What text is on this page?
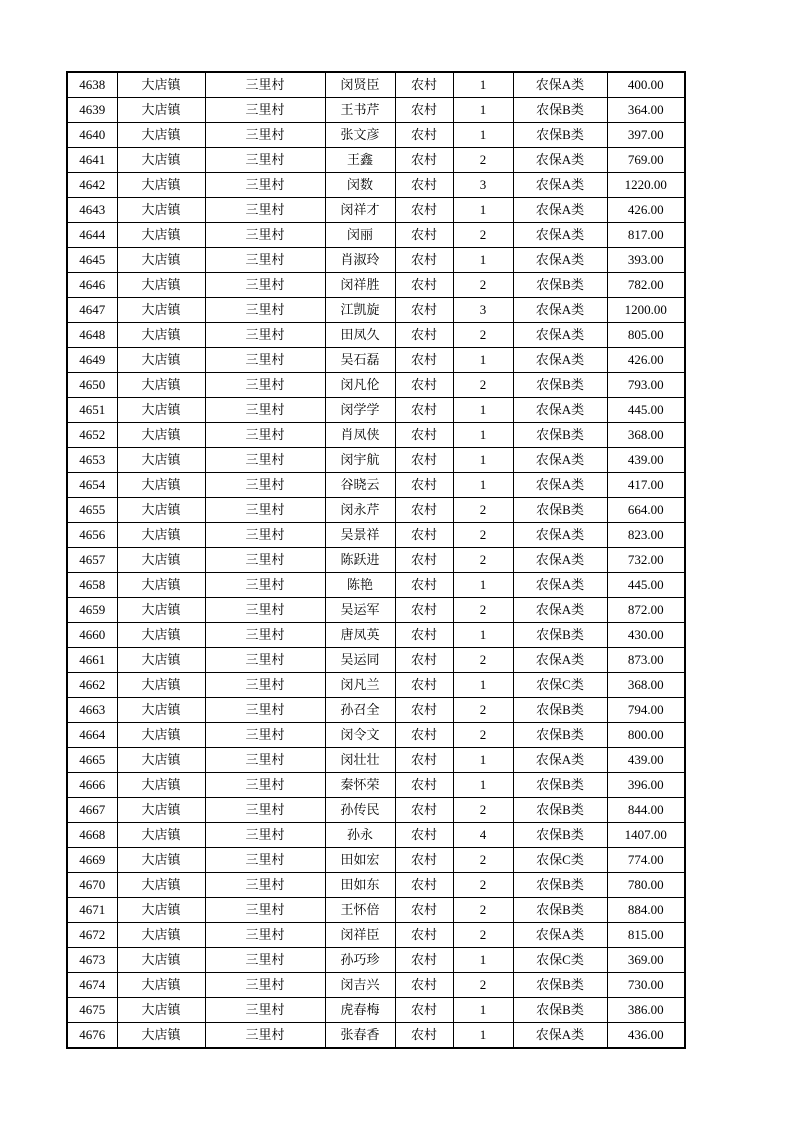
4638	大店镇	三里村	闵贤臣	农村	1	农保A类	400.00
4639	大店镇	三里村	王书芹	农村	1	农保B类	364.00
4640	大店镇	三里村	张文彦	农村	1	农保B类	397.00
4641	大店镇	三里村	王鑫	农村	2	农保A类	769.00
4642	大店镇	三里村	闵数	农村	3	农保A类	1220.00
4643	大店镇	三里村	闵祥才	农村	1	农保A类	426.00
4644	大店镇	三里村	闵丽	农村	2	农保A类	817.00
4645	大店镇	三里村	肖淑玲	农村	1	农保A类	393.00
4646	大店镇	三里村	闵祥胜	农村	2	农保B类	782.00
4647	大店镇	三里村	江凯旋	农村	3	农保A类	1200.00
4648	大店镇	三里村	田凤久	农村	2	农保A类	805.00
4649	大店镇	三里村	吴石磊	农村	1	农保A类	426.00
4650	大店镇	三里村	闵凡伦	农村	2	农保B类	793.00
4651	大店镇	三里村	闵学学	农村	1	农保A类	445.00
4652	大店镇	三里村	肖凤侠	农村	1	农保B类	368.00
4653	大店镇	三里村	闵宇航	农村	1	农保A类	439.00
4654	大店镇	三里村	谷晓云	农村	1	农保A类	417.00
4655	大店镇	三里村	闵永芹	农村	2	农保B类	664.00
4656	大店镇	三里村	吴景祥	农村	2	农保A类	823.00
4657	大店镇	三里村	陈跃进	农村	2	农保A类	732.00
4658	大店镇	三里村	陈艳	农村	1	农保A类	445.00
4659	大店镇	三里村	吴运军	农村	2	农保A类	872.00
4660	大店镇	三里村	唐凤英	农村	1	农保B类	430.00
4661	大店镇	三里村	吴运同	农村	2	农保A类	873.00
4662	大店镇	三里村	闵凡兰	农村	1	农保C类	368.00
4663	大店镇	三里村	孙召全	农村	2	农保B类	794.00
4664	大店镇	三里村	闵令文	农村	2	农保B类	800.00
4665	大店镇	三里村	闵壮壮	农村	1	农保A类	439.00
4666	大店镇	三里村	秦怀荣	农村	1	农保B类	396.00
4667	大店镇	三里村	孙传民	农村	2	农保B类	844.00
4668	大店镇	三里村	孙永	农村	4	农保B类	1407.00
4669	大店镇	三里村	田如宏	农村	2	农保C类	774.00
4670	大店镇	三里村	田如东	农村	2	农保B类	780.00
4671	大店镇	三里村	王怀倍	农村	2	农保B类	884.00
4672	大店镇	三里村	闵祥臣	农村	2	农保A类	815.00
4673	大店镇	三里村	孙巧珍	农村	1	农保C类	369.00
4674	大店镇	三里村	闵吉兴	农村	2	农保B类	730.00
4675	大店镇	三里村	虎春梅	农村	1	农保B类	386.00
4676	大店镇	三里村	张春香	农村	1	农保A类	436.00
